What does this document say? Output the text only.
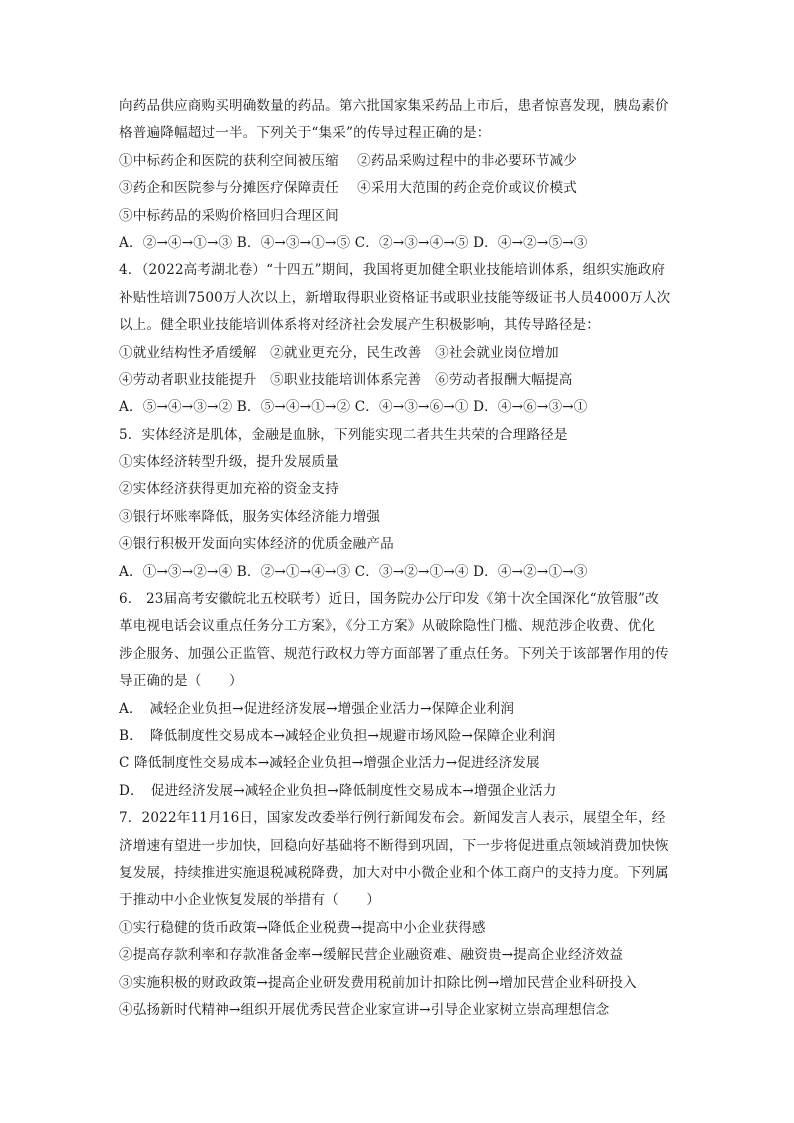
向药品供应商购买明确数量的药品。第六批国家集采药品上市后，患者惊喜发现，胰岛素价
格普遍降幅超过一半。下列关于“集采”的传导过程正确的是：
①中标药企和医院的获利空间被压缩　 ②药品采购过程中的非必要环节减少
③药企和医院参与分摊医疗保障责任　 ④采用大范围的药企竞价或议价模式
⑤中标药品的采购价格回归合理区间
A．②→④→①→③ B．④→③→①→⑤ C．②→③→④→⑤ D．④→②→⑤→③
4．（2022高考湖北卷）“十四五”期间，我国将更加健全职业技能培训体系，组织实施政府
补贴性培训7500万人次以上，新增取得职业资格证书或职业技能等级证书人员4000万人次
以上。健全职业技能培训体系将对经济社会发展产生积极影响，其传导路径是：
①就业结构性矛盾缓解　②就业更充分，民生改善　③社会就业岗位增加
④劳动者职业技能提升　⑤职业技能培训体系完善　⑥劳动者报酬大幅提高
A．⑤→④→③→② B．⑤→④→①→② C．④→③→⑥→① D．④→⑥→③→①
5．实体经济是肌体，金融是血脉，下列能实现二者共生共荣的合理路径是
①实体经济转型升级，提升发展质量
②实体经济获得更加充裕的资金支持
③银行坏账率降低，服务实体经济能力增强
④银行积极开发面向实体经济的优质金融产品
A．①→③→②→④ B．②→①→④→③ C．③→②→①→④ D．④→②→①→③
6． 23届高考安徽皖北五校联考）近日，国务院办公厅印发《第十次全国深化“放管服”改
革电视电话会议重点任务分工方案》，《分工方案》从破除隐性门槛、规范涉企收费、优化
涉企服务、加强公正监管、规范行政权力等方面部署了重点任务。下列关于该部署作用的传
导正确的是（　　）
A．　减轻企业负担→促进经济发展→增强企业活力→保障企业利润
B．　降低制度性交易成本→减轻企业负担→规避市场风险→保障企业利润
C 降低制度性交易成本→减轻企业负担→增强企业活力→促进经济发展
D．　促进经济发展→减轻企业负担→降低制度性交易成本→增强企业活力
7．2022年11月16日，国家发改委举行例行新闻发布会。新闻发言人表示，展望全年，经
济增速有望进一步加快，回稳向好基础将不断得到巩固，下一步将促进重点领域消费加快恢
复发展，持续推进实施退税减税降费，加大对中小微企业和个体工商户的支持力度。下列属
于推动中小企业恢复发展的举措有（　　）
①实行稳健的货币政策→降低企业税费→提高中小企业获得感
②提高存款利率和存款准备金率→缓解民营企业融资难、融资贵→提高企业经济效益
③实施积极的财政政策→提高企业研发费用税前加计扣除比例→增加民营企业科研投入
④弘扬新时代精神→组织开展优秀民营企业家宣讲→引导企业家树立崇高理想信念
